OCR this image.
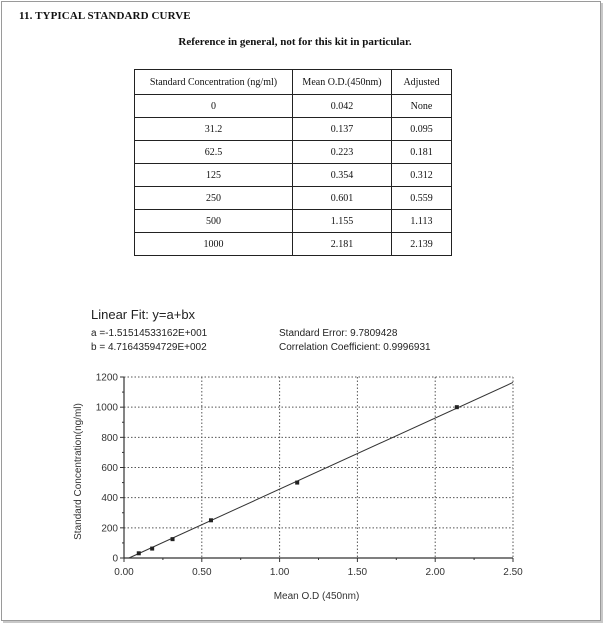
11. TYPICAL STANDARD CURVE
Reference in general, not for this kit in particular.
Standard Concentration (ng/ml)	Mean O.D.(450nm)	Adjusted
0	0.042	None
31.2	0.137	0.095
62.5	0.223	0.181
125	0.354	0.312
250	0.601	0.559
500	1.155	1.113
1000	2.181	2.139
Linear Fit: y=a+bx
a =-1.51514533162E+001
b = 4.71643594729E+002
Standard Error: 9.7809428
Correlation Coefficient: 0.9996931
0.00	0.50	1.00	1.50	2.00	2.50
0
200
400
600
800
1000
1200
Mean O.D (450nm)
Standard Concentration(ng/ml)
